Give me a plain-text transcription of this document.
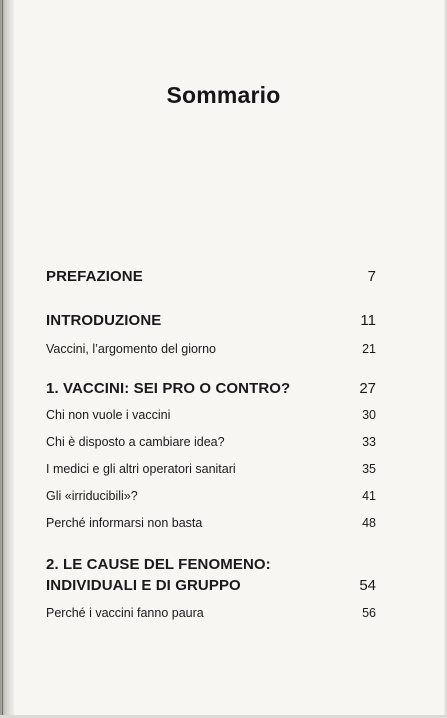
Sommario
PREFAZIONE	7
INTRODUZIONE	11
Vaccini, l’argomento del giorno	21
1. VACCINI: SEI PRO O CONTRO?	27
Chi non vuole i vaccini	30
Chi è disposto a cambiare idea?	33
I medici e gli altri operatori sanitari	35
Gli «irriducibili»?	41
Perché informarsi non basta	48
2. LE CAUSE DEL FENOMENO:
INDIVIDUALI E DI GRUPPO	54
Perché i vaccini fanno paura	56
